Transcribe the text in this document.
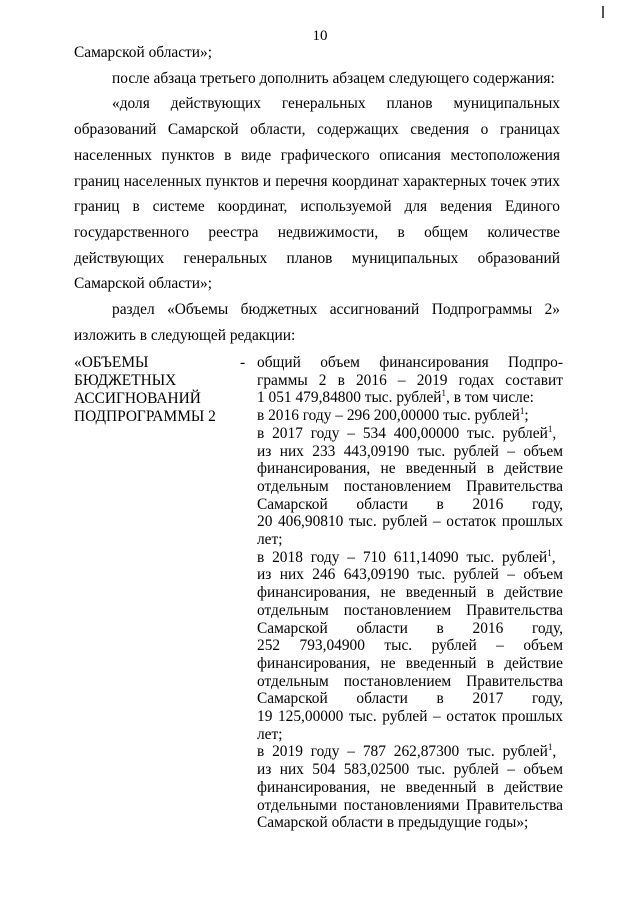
10

Самарской области»;

после абзаца третьего дополнить абзацем следующего содержания:

«доля действующих генеральных планов муниципальных

образований Самарской области, содержащих сведения о границах

населенных пунктов в виде графического описания местоположения

границ населенных пунктов и перечня координат характерных точек этих

границ в системе координат, используемой для ведения Единого

государственного реестра недвижимости, в общем количестве

действующих генеральных планов муниципальных образований

Самарской области»;

раздел «Объемы бюджетных ассигнований Подпрограммы 2»

изложить в следующей редакции:

«ОБЪЕМЫ
БЮДЖЕТНЫХ
АССИГНОВАНИЙ
ПОДПРОГРАММЫ 2
- общий объем финансирования Подпро-
граммы 2 в 2016 – 2019 годах составит
1 051 479,84800 тыс. рублей$^1$, в том числе:
в 2016 году – 296 200,00000 тыс. рублей$^1$;
в 2017 году – 534 400,00000 тыс. рублей$^1$,
из них 233 443,09190 тыс. рублей – объем
финансирования, не введенный в действие
отдельным постановлением Правительства
Самарской области в 2016 году,
20 406,90810 тыс. рублей – остаток прошлых
лет;
в 2018 году – 710 611,14090 тыс. рублей$^1$,
из них 246 643,09190 тыс. рублей – объем
финансирования, не введенный в действие
отдельным постановлением Правительства
Самарской области в 2016 году,
252 793,04900 тыс. рублей – объем
финансирования, не введенный в действие
отдельным постановлением Правительства
Самарской области в 2017 году,
19 125,00000 тыс. рублей – остаток прошлых
лет;
в 2019 году – 787 262,87300 тыс. рублей$^1$,
из них 504 583,02500 тыс. рублей – объем
финансирования, не введенный в действие
отдельными постановлениями Правительства
Самарской области в предыдущие годы»;
